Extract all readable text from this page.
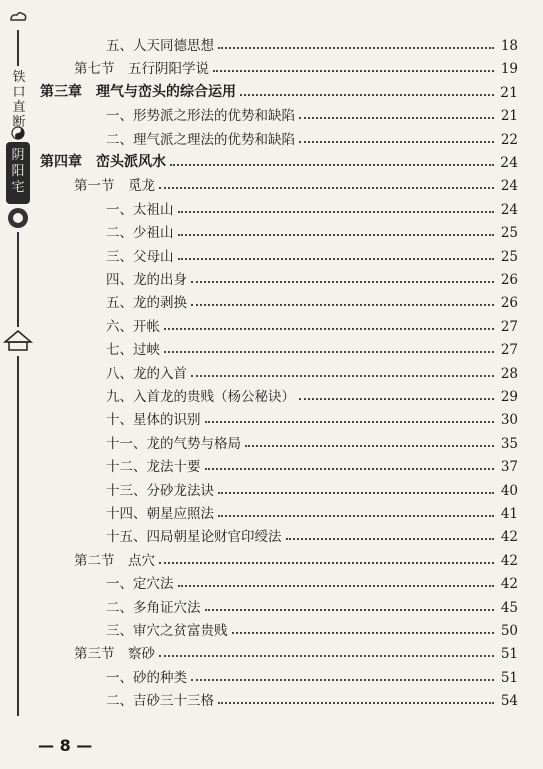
铁
口
直
断
阴
阳
宅
五、人天同德思想	18
第七节　五行阴阳学说	19
第三章　理气与峦头的综合运用	21
一、形势派之形法的优势和缺陷	21
二、理气派之理法的优势和缺陷	22
第四章　峦头派风水	24
第一节　觅龙	24
一、太祖山	24
二、少祖山	25
三、父母山	25
四、龙的出身	26
五、龙的剥换	26
六、开帐	27
七、过峡	27
八、龙的入首	28
九、入首龙的贵贱（杨公秘诀）	29
十、星体的识别	30
十一、龙的气势与格局	35
十二、龙法十要	37
十三、分砂龙法诀	40
十四、朝星应照法	41
十五、四局朝星论财官印绶法	42
第二节　点穴	42
一、定穴法	42
二、多角证穴法	45
三、审穴之贫富贵贱	50
第三节　察砂	51
一、砂的种类	51
二、吉砂三十三格	54
— 8 —
